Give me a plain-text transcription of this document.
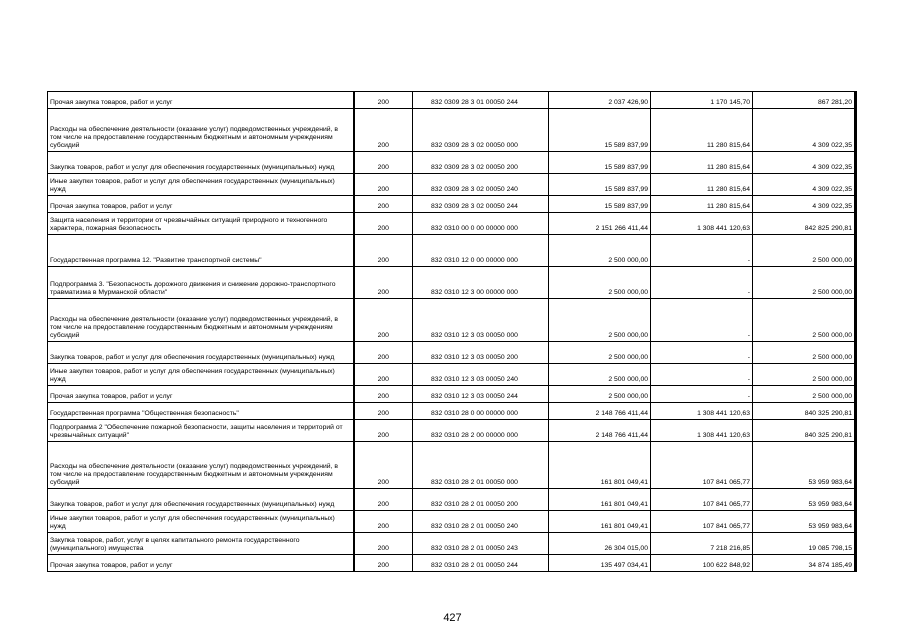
Прочая закупка товаров, работ и услуг	200	832 0309 28 3 01 00050 244	2 037 426,90	1 170 145,70	867 281,20

Расходы на обеспечение деятельности (оказание услуг) подведомственных учреждений, в том числе на предоставление государственным бюджетным и автономным учреждениям субсидий	200	832 0309 28 3 02 00050 000	15 589 837,99	11 280 815,64	4 309 022,35

Закупка товаров, работ и услуг для обеспечения государственных (муниципальных) нужд	200	832 0309 28 3 02 00050 200	15 589 837,99	11 280 815,64	4 309 022,35

Иные закупки товаров, работ и услуг для обеспечения государственных (муниципальных) нужд	200	832 0309 28 3 02 00050 240	15 589 837,99	11 280 815,64	4 309 022,35

Прочая закупка товаров, работ и услуг	200	832 0309 28 3 02 00050 244	15 589 837,99	11 280 815,64	4 309 022,35

Защита населения и территории от чрезвычайных ситуаций природного и техногенного характера, пожарная безопасность	200	832 0310 00 0 00 00000 000	2 151 266 411,44	1 308 441 120,63	842 825 290,81

Государственная программа 12. "Развитие транспортной системы"	200	832 0310 12 0 00 00000 000	2 500 000,00	-	2 500 000,00

Подпрограмма 3. "Безопасность дорожного движения и снижение дорожно-транспортного травматизма в Мурманской области"	200	832 0310 12 3 00 00000 000	2 500 000,00	-	2 500 000,00

Расходы на обеспечение деятельности (оказание услуг) подведомственных учреждений, в том числе на предоставление государственным бюджетным и автономным учреждениям субсидий	200	832 0310 12 3 03 00050 000	2 500 000,00	-	2 500 000,00

Закупка товаров, работ и услуг для обеспечения государственных (муниципальных) нужд	200	832 0310 12 3 03 00050 200	2 500 000,00	-	2 500 000,00

Иные закупки товаров, работ и услуг для обеспечения государственных (муниципальных) нужд	200	832 0310 12 3 03 00050 240	2 500 000,00	-	2 500 000,00

Прочая закупка товаров, работ и услуг	200	832 0310 12 3 03 00050 244	2 500 000,00	-	2 500 000,00

Государственная программа "Общественная безопасность"	200	832 0310 28 0 00 00000 000	2 148 766 411,44	1 308 441 120,63	840 325 290,81

Подпрограмма 2 "Обеспечение пожарной безопасности, защиты населения и территорий от чрезвычайных ситуаций"	200	832 0310 28 2 00 00000 000	2 148 766 411,44	1 308 441 120,63	840 325 290,81

Расходы на обеспечение деятельности (оказание услуг) подведомственных учреждений, в том числе на предоставление государственным бюджетным и автономным учреждениям субсидий	200	832 0310 28 2 01 00050 000	161 801 049,41	107 841 065,77	53 959 983,64

Закупка товаров, работ и услуг для обеспечения государственных (муниципальных) нужд	200	832 0310 28 2 01 00050 200	161 801 049,41	107 841 065,77	53 959 983,64

Иные закупки товаров, работ и услуг для обеспечения государственных (муниципальных) нужд	200	832 0310 28 2 01 00050 240	161 801 049,41	107 841 065,77	53 959 983,64

Закупка товаров, работ, услуг в целях капитального ремонта государственного (муниципального) имущества	200	832 0310 28 2 01 00050 243	26 304 015,00	7 218 216,85	19 085 798,15

Прочая закупка товаров, работ и услуг	200	832 0310 28 2 01 00050 244	135 497 034,41	100 622 848,92	34 874 185,49
427
